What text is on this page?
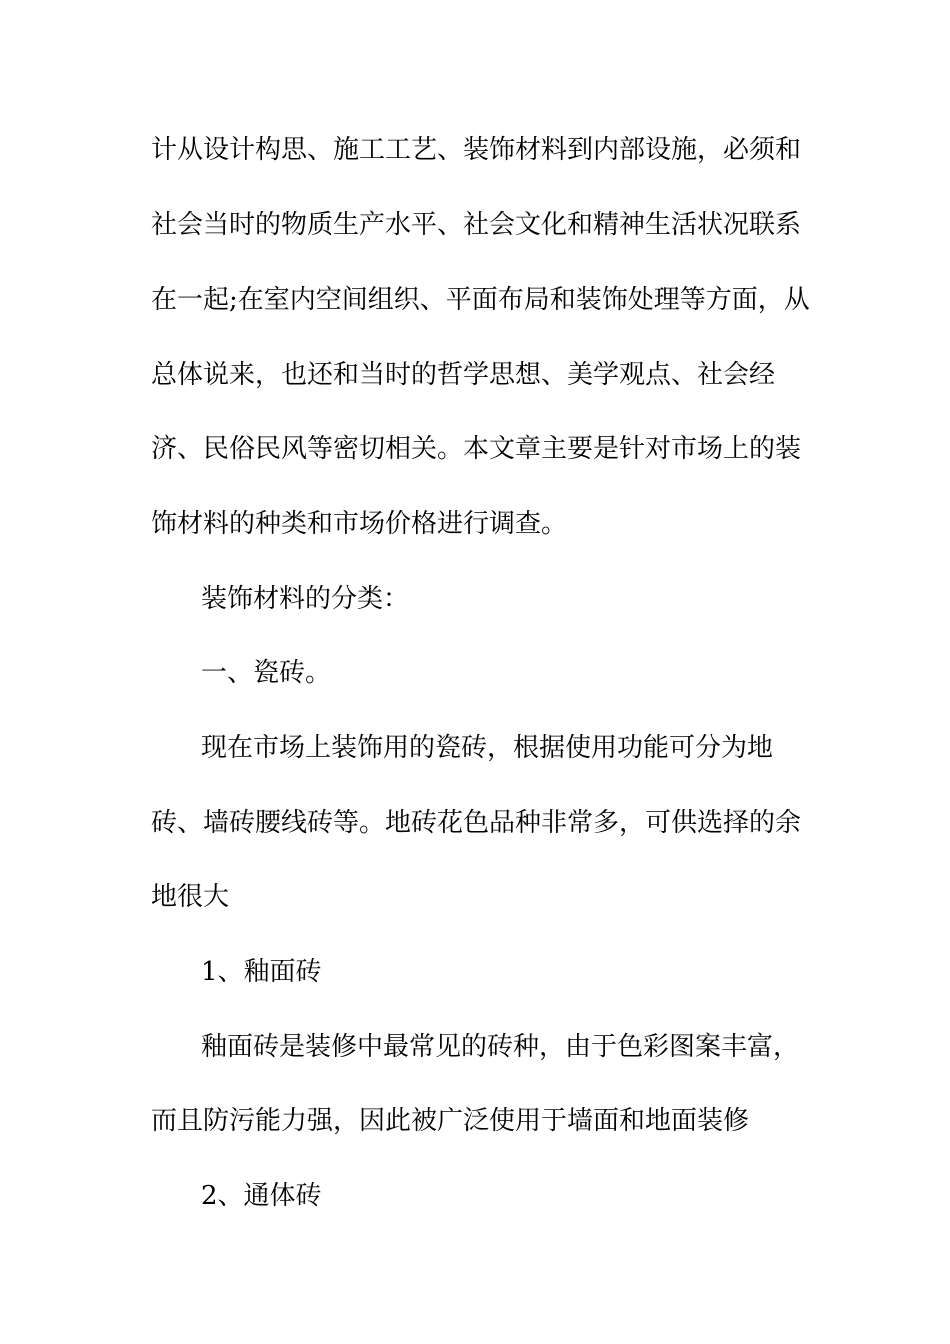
计从设计构思、施工工艺、装饰材料到内部设施，必须和
社会当时的物质生产水平、社会文化和精神生活状况联系
在一起;在室内空间组织、平面布局和装饰处理等方面，从
总体说来，也还和当时的哲学思想、美学观点、社会经
济、民俗民风等密切相关。本文章主要是针对市场上的装
饰材料的种类和市场价格进行调查。
装饰材料的分类：
一、瓷砖。
现在市场上装饰用的瓷砖，根据使用功能可分为地
砖、墙砖腰线砖等。地砖花色品种非常多，可供选择的余
地很大
1、釉面砖
釉面砖是装修中最常见的砖种，由于色彩图案丰富，
而且防污能力强，因此被广泛使用于墙面和地面装修
2、通体砖
